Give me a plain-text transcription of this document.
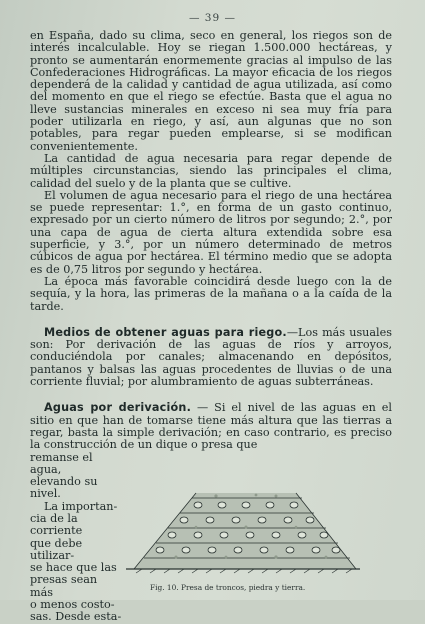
— 39 —

en España, dado su clima, seco en general, los riegos son de interés incalculable. Hoy se riegan 1.500.000 hectáreas, y pronto se aumentarán enormemente gracias al impulso de las Confederaciones Hidrográficas. La mayor eficacia de los riegos dependerá de la calidad y cantidad de agua utilizada, así como del momento en que el riego se efectúe. Basta que el agua no lleve sustancias minerales en exceso ni sea muy fría para poder utilizarla en riego, y así, aun algunas que no son potables, para regar pueden emplearse, si se modifican convenientemente.

La cantidad de agua necesaria para regar depende de múltiples circunstancias, siendo las principales el clima, calidad del suelo y de la planta que se cultive.

El volumen de agua necesario para el riego de una hectárea se puede representar: 1.°, en forma de un gasto continuo, expresado por un cierto número de litros por segundo; 2.°, por una capa de agua de cierta altura extendida sobre esa superficie, y 3.°, por un número determinado de metros cúbicos de agua por hectárea. El término medio que se adopta es de 0,75 litros por segundo y hectárea.

La época más favorable coincidirá desde luego con la de sequía, y la hora, las primeras de la mañana o a la caída de la tarde.

Medios de obtener aguas para riego.—Los más usuales son: Por derivación de las aguas de ríos y arroyos, conduciéndola por canales; almacenando en depósitos, pantanos y balsas las aguas procedentes de lluvias o de una corriente fluvial; por alumbramiento de aguas subterráneas.

Aguas por derivación. — Si el nivel de las aguas en el sitio en que han de tomarse tiene más altura que las tierras a regar, basta la simple derivación; en caso contrario, es preciso la construcción de un dique o presa que

remanse el agua,
elevando su nivel.
La importan-
cia de la corriente
que debe utilizar-
se hace que las
presas sean más
o menos costo-
sas. Desde esta-
Fig. 10. Presa de troncos, piedra y tierra.
